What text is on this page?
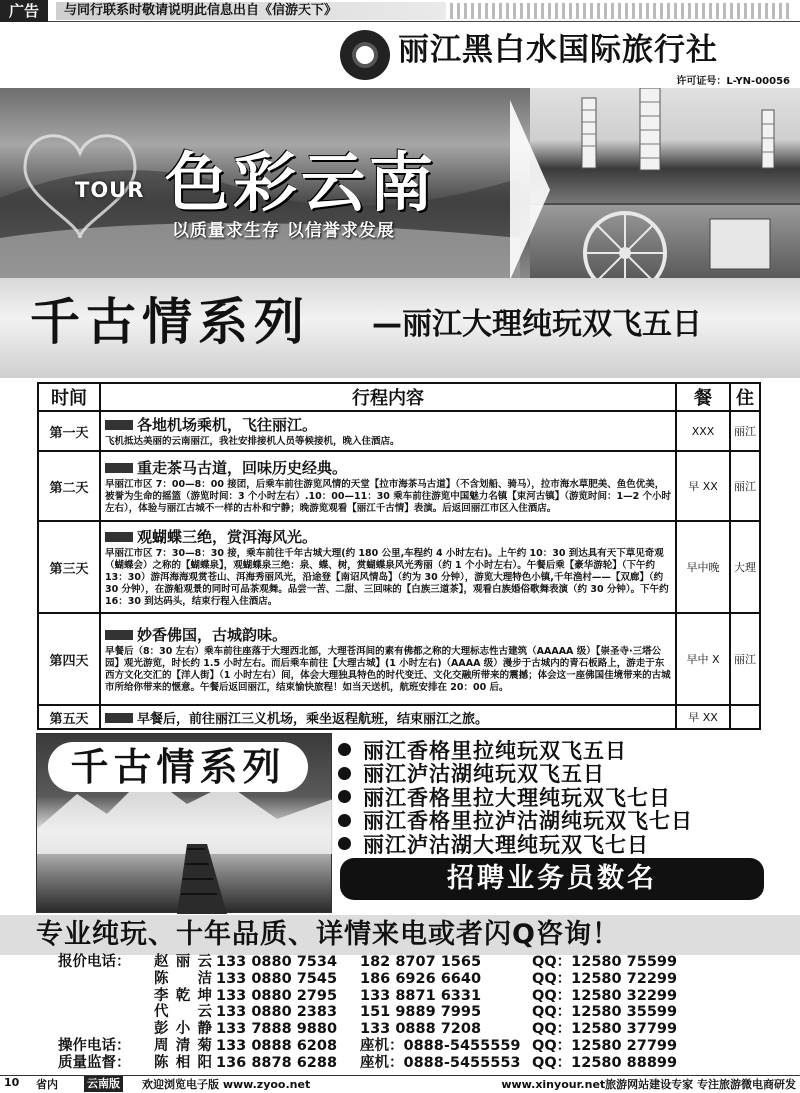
广告	与同行联系时敬请说明此信息出自《信游天下》
丽江黑白水国际旅行社
许可证号：L-YN-00056
TOUR 色彩云南
以质量求生存 以信誉求发展
千古情系列	—丽江大理纯玩双飞五日
时间	行程内容	餐	住
第一天	各地机场乘机，飞往丽江。
飞机抵达美丽的云南丽江，我社安排接机人员等候接机，晚入住酒店。	XXX	丽江
第二天	重走茶马古道，回味历史经典。
早丽江市区 7：00—8：00 接团，后乘车前往游览风情的天堂【拉市海茶马古道】（不含划船、骑马），拉市海水草肥美、鱼色优美，被誉为生命的摇篮（游览时间：3 个小时左右）.10：00—11：30 乘车前往游览中国魅力名镇【束河古镇】（游览时间：1—2 个小时左右），体验与丽江古城不一样的古朴和宁静；晚游览观看【丽江千古情】表演。后返回丽江市区入住酒店。	早 XX	丽江
第三天	观蝴蝶三绝，赏洱海风光。
早丽江市区 7：30—8：30 接，乘车前往千年古城大理(约 180 公里,车程约 4 小时左右)。上午约 10：30 到达具有天下草见奇观（蝴蝶会）之称的【蝴蝶泉】，观蝴蝶泉三绝：泉、蝶、树，赏蝴蝶泉风光秀丽（约 1 个小时左右）。午餐后乘【豪华游轮】（下午约 13：30）游洱海海观赏苍山、洱海秀丽风光，沿途登【南诏风情岛】（约为 30 分钟），游览大理特色小镇,千年渔村——【双廊】（约 30 分钟），在游船观景的同时可品茶观舞。品尝一苦、二甜、三回味的【白族三道茶】，观看白族婚俗歌舞表演（约 30 分钟）。下午约 16：30 到达码头，结束行程入住酒店。	早中晚	大理
第四天	妙香佛国，古城韵味。
早餐后（8：30 左右）乘车前往座落于大理西北部，大理苍洱间的素有佛都之称的大理标志性古建筑（AAAAA 级）【崇圣寺·三塔公园】观光游览，时长约 1.5 小时左右。而后乘车前往【大理古城】(1 小时左右)（AAAA 级）漫步于古城内的青石板路上，游走于东西方文化交汇的【洋人街】（1 小时左右）间，体会大理独具特色的时代变迁、文化交融所带来的震撼；体会这一座佛国佳境带来的古城市所给你带来的惬意。午餐后返回丽江，结束愉快旅程！如当天送机，航班安排在 20：00 后。	早中 X	丽江
第五天	早餐后，前往丽江三义机场，乘坐返程航班，结束丽江之旅。	早 XX	
千古情系列	丽江香格里拉纯玩双飞五日
丽江泸沽湖纯玩双飞五日
丽江香格里拉大理纯玩双飞七日
丽江香格里拉泸沽湖纯玩双飞七日
丽江泸沽湖大理纯玩双飞七日
招聘业务员数名
专业纯玩、十年品质、详情来电或者闪Q咨询！
报价电话：	赵丽云 133 0880 7534	182 8707 1565	QQ：12580 75599
陈洁 133 0880 7545	186 6926 6640	QQ：12580 72299
李乾坤 133 0880 2795	133 8871 6331	QQ：12580 32299
代云 133 0880 2383	151 9889 7995	QQ：12580 35599
彭小静 133 7888 9880	133 0888 7208	QQ：12580 37799
操作电话：	周清菊 133 0888 6208	座机：0888-5455559 QQ：12580 27799
质量监督：	陈相阳 136 8878 6288	座机：0888-5455553 QQ：12580 88899
10 省内	云南版 欢迎浏览电子版 www.zyoo.net	www.xinyour.net旅游网站建设专家 专注旅游微电商研发
